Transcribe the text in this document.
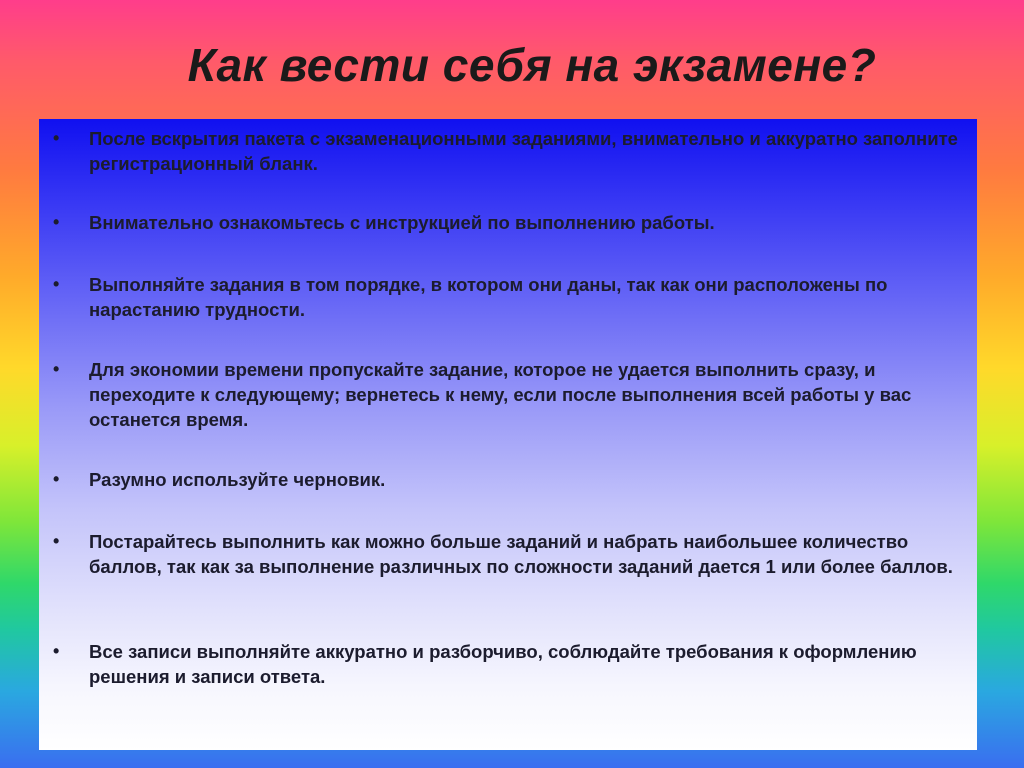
Как вести себя на экзамене?
• После вскрытия пакета с экзаменационными заданиями, внимательно и аккуратно заполните регистрационный бланк.
• Внимательно ознакомьтесь с инструкцией по выполнению работы.
• Выполняйте задания в том порядке, в котором они даны, так как они расположены по нарастанию трудности.
• Для экономии времени пропускайте задание, которое не удается выполнить сразу, и переходите к следующему; вернетесь к нему, если после выполнения всей работы у вас останется время.
• Разумно используйте черновик.
• Постарайтесь выполнить как можно больше заданий и набрать наибольшее количество баллов, так как за выполнение различных по сложности заданий дается 1 или более баллов.
• Все записи выполняйте аккуратно и разборчиво, соблюдайте требования к оформлению решения и записи ответа.
